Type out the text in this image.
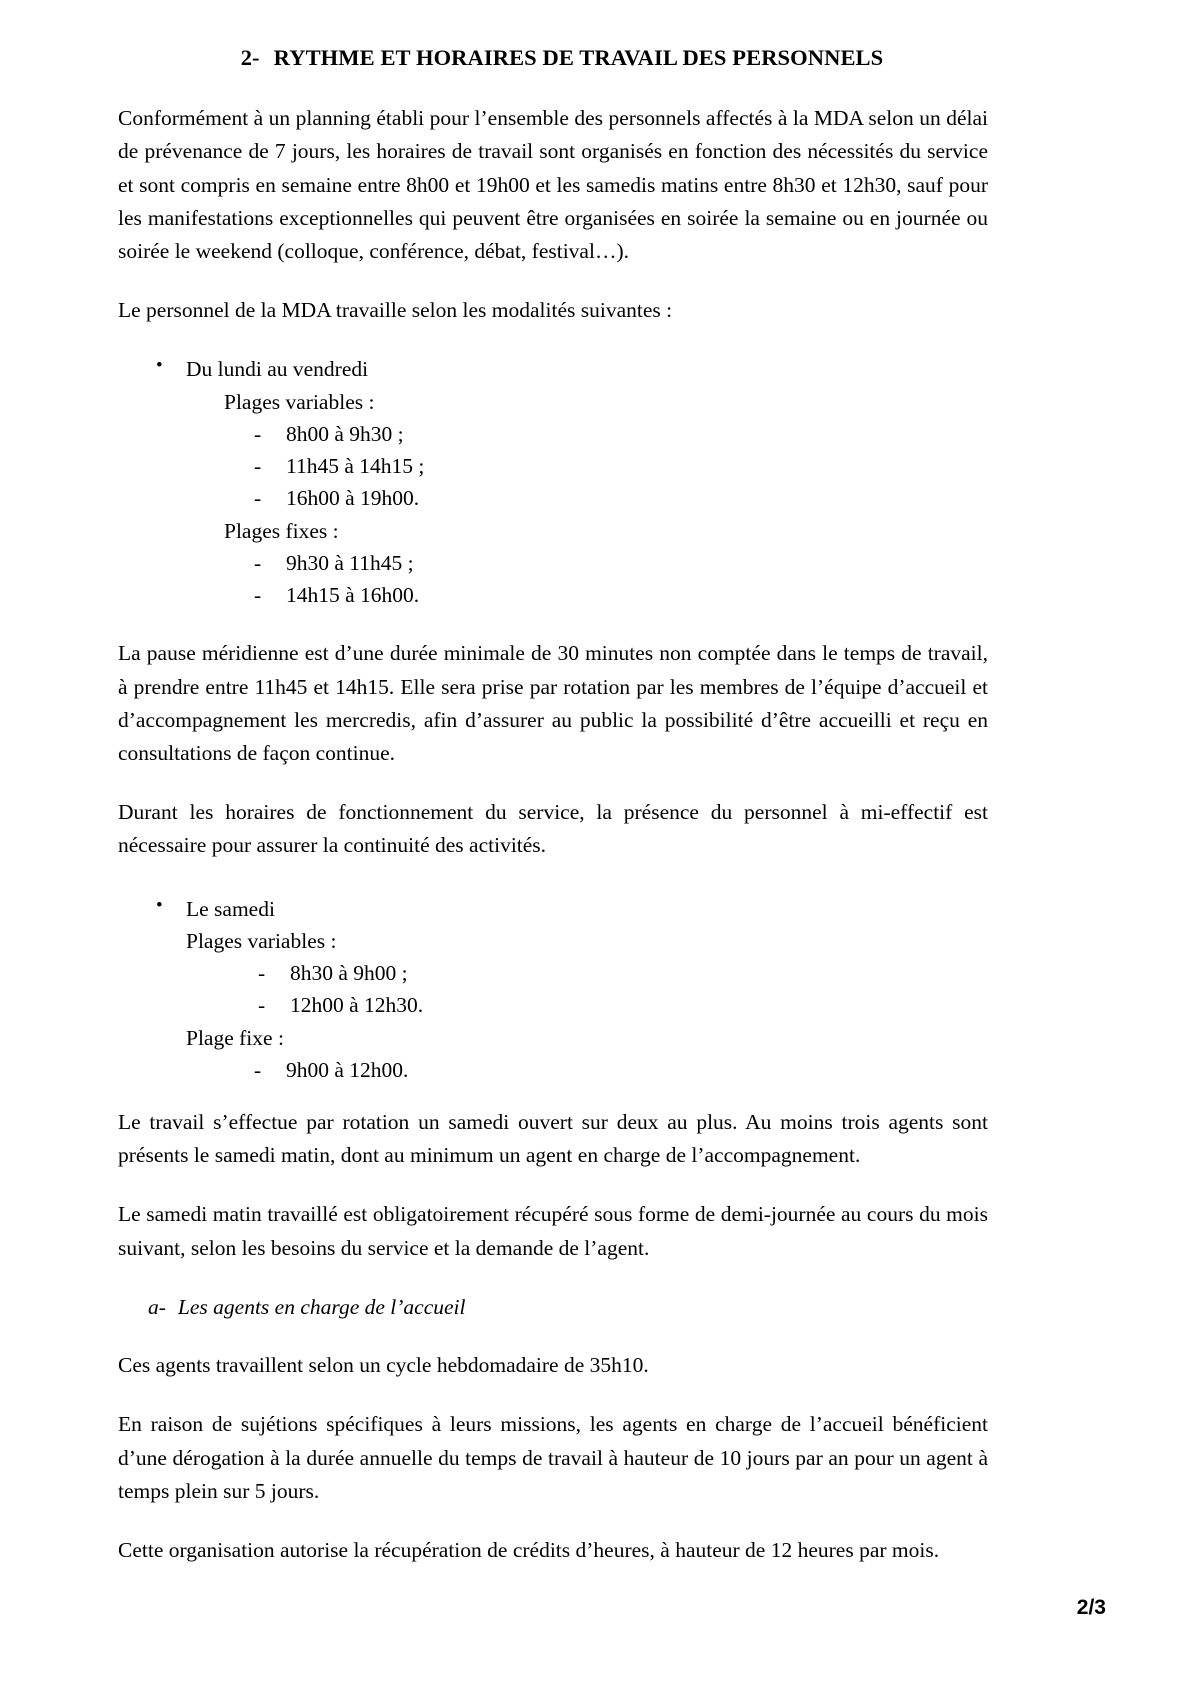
2- RYTHME ET HORAIRES DE TRAVAIL DES PERSONNELS

Conformément à un planning établi pour l’ensemble des personnels affectés à la MDA selon un délai de prévenance de 7 jours, les horaires de travail sont organisés en fonction des nécessités du service et sont compris en semaine entre 8h00 et 19h00 et les samedis matins entre 8h30 et 12h30, sauf pour les manifestations exceptionnelles qui peuvent être organisées en soirée la semaine ou en journée ou soirée le weekend (colloque, conférence, débat, festival…).

Le personnel de la MDA travaille selon les modalités suivantes :

• Du lundi au vendredi
Plages variables :
- 8h00 à 9h30 ;
- 11h45 à 14h15 ;
- 16h00 à 19h00.
Plages fixes :
- 9h30 à 11h45 ;
- 14h15 à 16h00.

La pause méridienne est d’une durée minimale de 30 minutes non comptée dans le temps de travail, à prendre entre 11h45 et 14h15. Elle sera prise par rotation par les membres de l’équipe d’accueil et d’accompagnement les mercredis, afin d’assurer au public la possibilité d’être accueilli et reçu en consultations de façon continue.

Durant les horaires de fonctionnement du service, la présence du personnel à mi-effectif est nécessaire pour assurer la continuité des activités.

• Le samedi
Plages variables :
- 8h30 à 9h00 ;
- 12h00 à 12h30.
Plage fixe :
- 9h00 à 12h00.

Le travail s’effectue par rotation un samedi ouvert sur deux au plus. Au moins trois agents sont présents le samedi matin, dont au minimum un agent en charge de l’accompagnement.

Le samedi matin travaillé est obligatoirement récupéré sous forme de demi-journée au cours du mois suivant, selon les besoins du service et la demande de l’agent.

a- Les agents en charge de l’accueil

Ces agents travaillent selon un cycle hebdomadaire de 35h10.

En raison de sujétions spécifiques à leurs missions, les agents en charge de l’accueil bénéficient d’une dérogation à la durée annuelle du temps de travail à hauteur de 10 jours par an pour un agent à temps plein sur 5 jours.

Cette organisation autorise la récupération de crédits d’heures, à hauteur de 12 heures par mois.

2/3
